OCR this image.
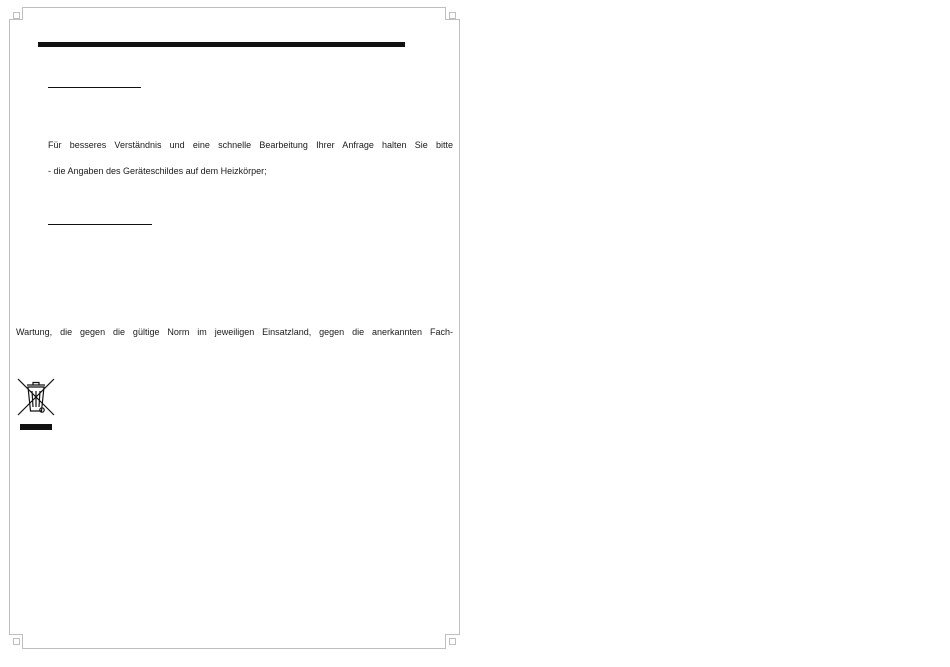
Für besseres Verständnis und eine schnelle Bearbeitung Ihrer Anfrage halten Sie bitte
- die Angaben des Geräteschildes auf dem Heizkörper;
Wartung, die gegen die gültige Norm im jeweiligen Einsatzland, gegen die anerkannten Fach-
